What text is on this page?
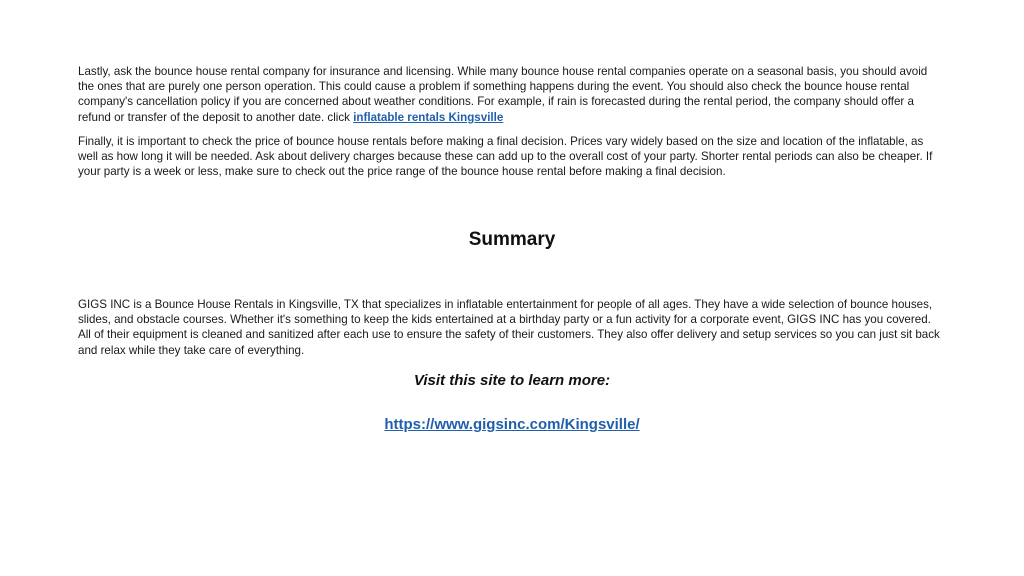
Lastly, ask the bounce house rental company for insurance and licensing. While many bounce house rental companies operate on a seasonal basis, you should avoid the ones that are purely one person operation. This could cause a problem if something happens during the event. You should also check the bounce house rental company's cancellation policy if you are concerned about weather conditions. For example, if rain is forecasted during the rental period, the company should offer a refund or transfer of the deposit to another date. click inflatable rentals Kingsville

Finally, it is important to check the price of bounce house rentals before making a final decision. Prices vary widely based on the size and location of the inflatable, as well as how long it will be needed. Ask about delivery charges because these can add up to the overall cost of your party. Shorter rental periods can also be cheaper. If your party is a week or less, make sure to check out the price range of the bounce house rental before making a final decision.

Summary

GIGS INC is a Bounce House Rentals in Kingsville, TX that specializes in inflatable entertainment for people of all ages. They have a wide selection of bounce houses, slides, and obstacle courses. Whether it's something to keep the kids entertained at a birthday party or a fun activity for a corporate event, GIGS INC has you covered. All of their equipment is cleaned and sanitized after each use to ensure the safety of their customers. They also offer delivery and setup services so you can just sit back and relax while they take care of everything.

Visit this site to learn more:

https://www.gigsinc.com/Kingsville/
